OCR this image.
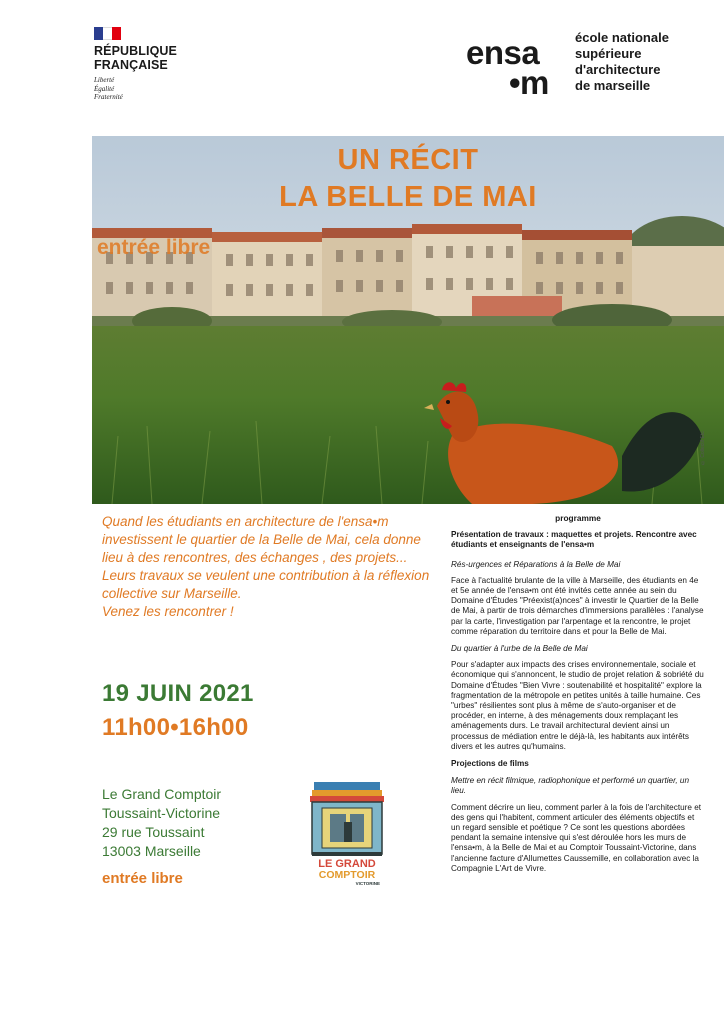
RÉPUBLIQUE
FRANÇAISE
Liberté
Égalité
Fraternité
ensa
•m
école nationale
supérieure
d'architecture
de marseille
UN RÉCIT
LA BELLE DE MAI
entrée libre
© Collectif Etc

Quand les étudiants en architecture de l'ensa•m investissent le quartier de la Belle de Mai, cela donne lieu à des rencontres, des échanges , des projets...

Leurs travaux se veulent une contribution à la réflexion collective sur Marseille.

Venez les rencontrer !

19 JUIN 2021
11h00•16h00
Le Grand Comptoir
Toussaint-Victorine
29 rue Toussaint
13003 Marseille
entrée libre
LE GRAND
COMPTOIR
VICTORINE

programme

Présentation de travaux : maquettes et projets. Rencontre avec étudiants et enseignants de l'ensa•m

Rés-urgences et Réparations à la Belle de Mai

Face à l'actualité brulante de la ville à Marseille, des étudiants en 4e et 5e année de l'ensa•m ont été invités cette année au sein du Domaine d'Études "Préexist(a)nces" à investir le Quartier de la Belle de Mai, à partir de trois démarches d'immersions parallèles : l'analyse par la carte, l'investigation par l'arpentage et la rencontre, le projet comme réparation du territoire dans et pour la Belle de Mai.

Du quartier à l'urbe de la Belle de Mai

Pour s'adapter aux impacts des crises environnementale, sociale et économique qui s'annoncent, le studio de projet relation & sobriété du Domaine d'Études "Bien Vivre : soutenabilité et hospitalité" explore la fragmentation de la métropole en petites unités à taille humaine. Ces "urbes" résilientes sont plus à même de s'auto-organiser et de procéder, en interne, à des ménagements doux remplaçant les aménagements durs. Le travail architectural devient ainsi un processus de médiation entre le déjà-là, les habitants aux intérêts divers et les autres qu'humains.

Projections de films

Mettre en récit filmique, radiophonique et performé un quartier, un lieu.

Comment décrire un lieu, comment parler à la fois de l'architecture et des gens qui l'habitent, comment articuler des éléments objectifs et un regard sensible et poétique ? Ce sont les questions abordées pendant la semaine intensive qui s'est déroulée hors les murs de l'ensa•m, à la Belle de Mai et au Comptoir Toussaint-Victorine, dans l'ancienne facture d'Allumettes Caussemille, en collaboration avec la Compagnie L'Art de Vivre.
